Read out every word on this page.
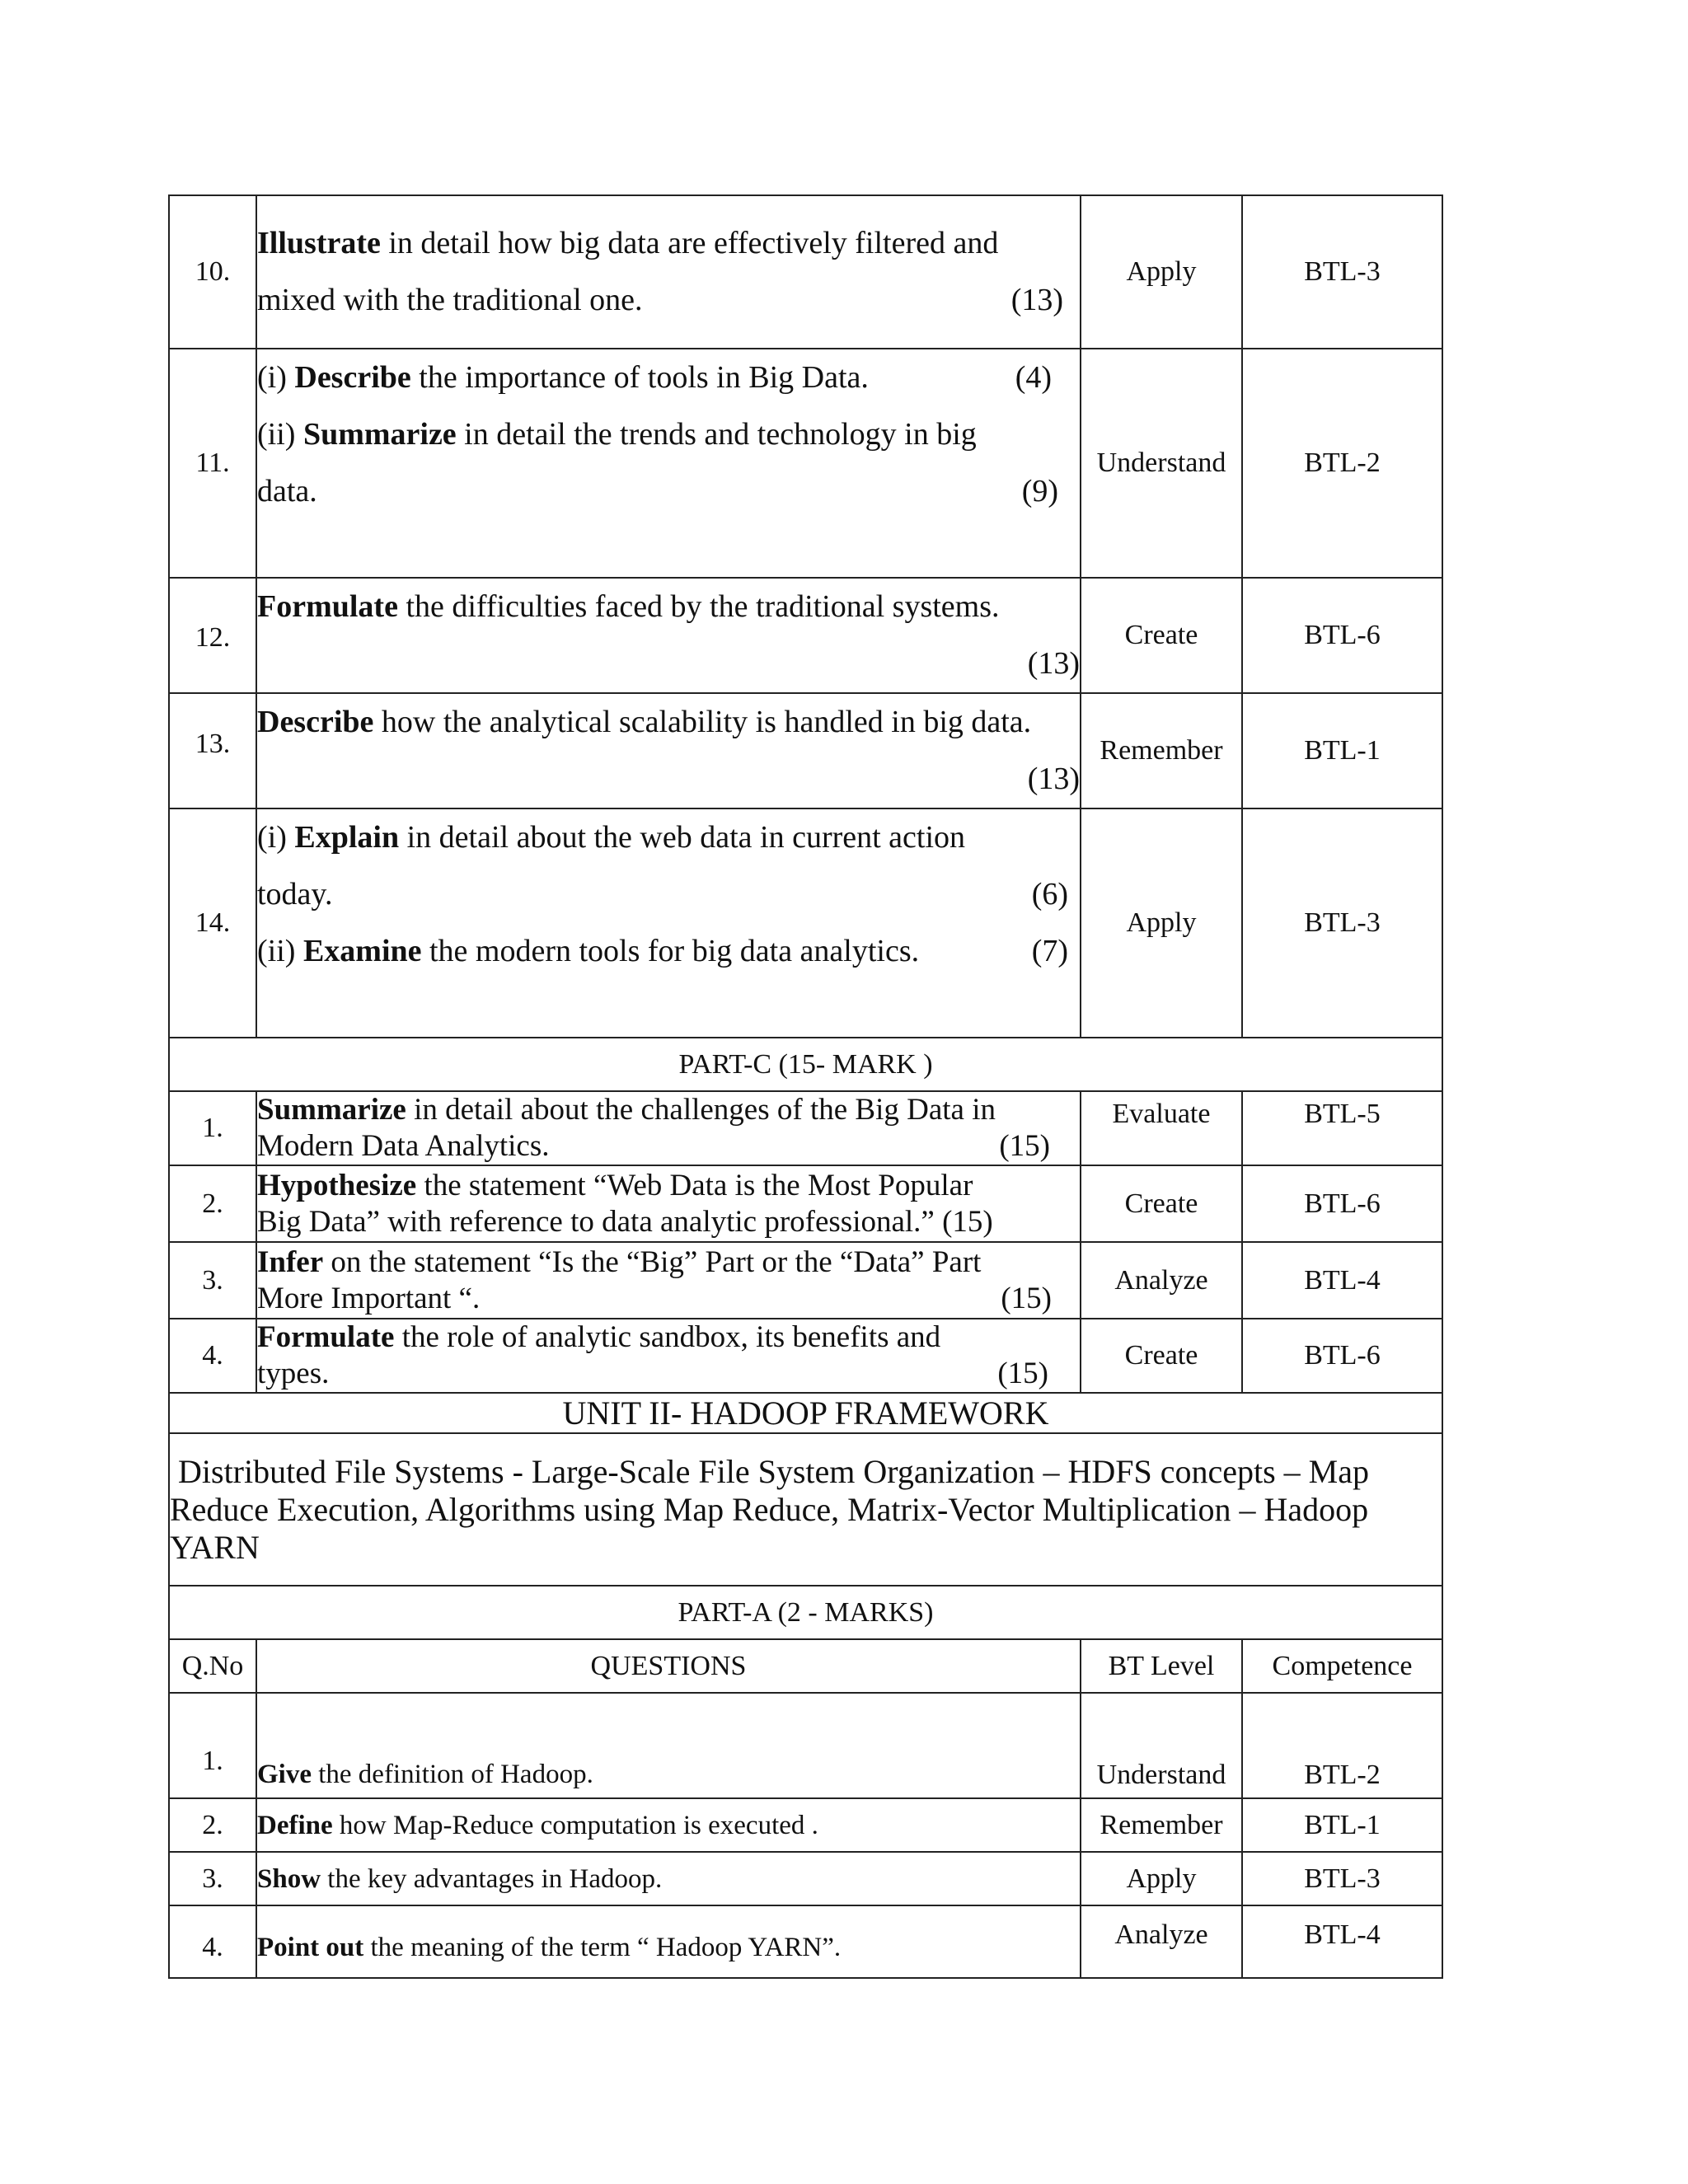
10.	Illustrate in detail how big data are effectively filtered and
mixed with the traditional one. (13)	Apply	BTL-3
11.	(i) Describe the importance of tools in Big Data. (4)
(ii) Summarize in detail the trends and technology in big
data. (9)	Understand	BTL-2
12.	Formulate the difficulties faced by the traditional systems.
(13)	Create	BTL-6
13.	Describe how the analytical scalability is handled in big data.
(13)	Remember	BTL-1
14.	(i) Explain in detail about the web data in current action
today. (6)
(ii) Examine the modern tools for big data analytics. (7)	Apply	BTL-3
PART-C (15- MARK )			
1.	Summarize in detail about the challenges of the Big Data in
Modern Data Analytics. (15)	Evaluate	BTL-5
2.	Hypothesize the statement “Web Data is the Most Popular
Big Data” with reference to data analytic professional.” (15)	Create	BTL-6
3.	Infer on the statement “Is the “Big” Part or the “Data” Part
More Important “. (15)	Analyze	BTL-4
4.	Formulate the role of analytic sandbox, its benefits and
types. (15)	Create	BTL-6
UNIT II- HADOOP FRAMEWORK			

Distributed File Systems - Large-Scale File System Organization – HDFS concepts – Map
Reduce Execution, Algorithms using Map Reduce, Matrix-Vector Multiplication – Hadoop
YARN			

PART-A (2 - MARKS)			
Q.No	QUESTIONS	BT Level	Competence
1.	Give the definition of Hadoop.	Understand	BTL-2
2.	Define how Map-Reduce computation is executed .	Remember	BTL-1
3.	Show the key advantages in Hadoop.	Apply	BTL-3
4.	Point out the meaning of the term “ Hadoop YARN”.	Analyze	BTL-4
